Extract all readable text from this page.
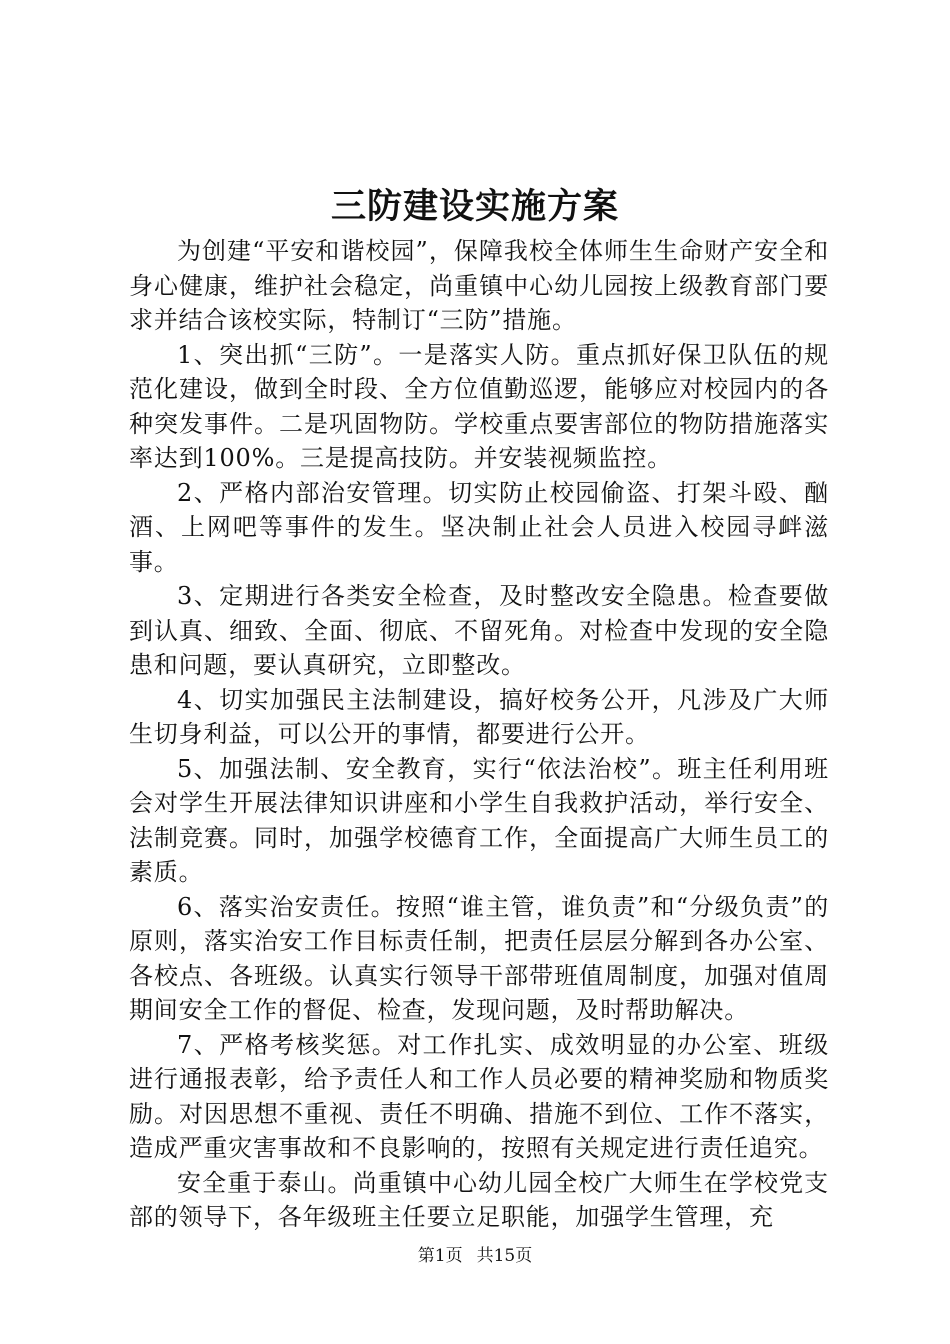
三防建设实施方案

为创建“平安和谐校园”，保障我校全体师生生命财产安全和身心健康，维护社会稳定，尚重镇中心幼儿园按上级教育部门要求并结合该校实际，特制订“三防”措施。

1、突出抓“三防”。一是落实人防。重点抓好保卫队伍的规范化建设，做到全时段、全方位值勤巡逻，能够应对校园内的各种突发事件。二是巩固物防。学校重点要害部位的物防措施落实率达到100%。三是提高技防。并安装视频监控。

2、严格内部治安管理。切实防止校园偷盗、打架斗殴、酗酒、上网吧等事件的发生。坚决制止社会人员进入校园寻衅滋事。

3、定期进行各类安全检查，及时整改安全隐患。检查要做到认真、细致、全面、彻底、不留死角。对检查中发现的安全隐患和问题，要认真研究，立即整改。

4、切实加强民主法制建设，搞好校务公开，凡涉及广大师生切身利益，可以公开的事情，都要进行公开。

5、加强法制、安全教育，实行“依法治校”。班主任利用班会对学生开展法律知识讲座和小学生自我救护活动，举行安全、法制竞赛。同时，加强学校德育工作，全面提高广大师生员工的素质。

6、落实治安责任。按照“谁主管，谁负责”和“分级负责”的原则，落实治安工作目标责任制，把责任层层分解到各办公室、各校点、各班级。认真实行领导干部带班值周制度，加强对值周期间安全工作的督促、检查，发现问题，及时帮助解决。

7、严格考核奖惩。对工作扎实、成效明显的办公室、班级进行通报表彰，给予责任人和工作人员必要的精神奖励和物质奖励。对因思想不重视、责任不明确、措施不到位、工作不落实，造成严重灾害事故和不良影响的，按照有关规定进行责任追究。

安全重于泰山。尚重镇中心幼儿园全校广大师生在学校党支部的领导下，各年级班主任要立足职能，加强学生管理，充

第1页 共15页
